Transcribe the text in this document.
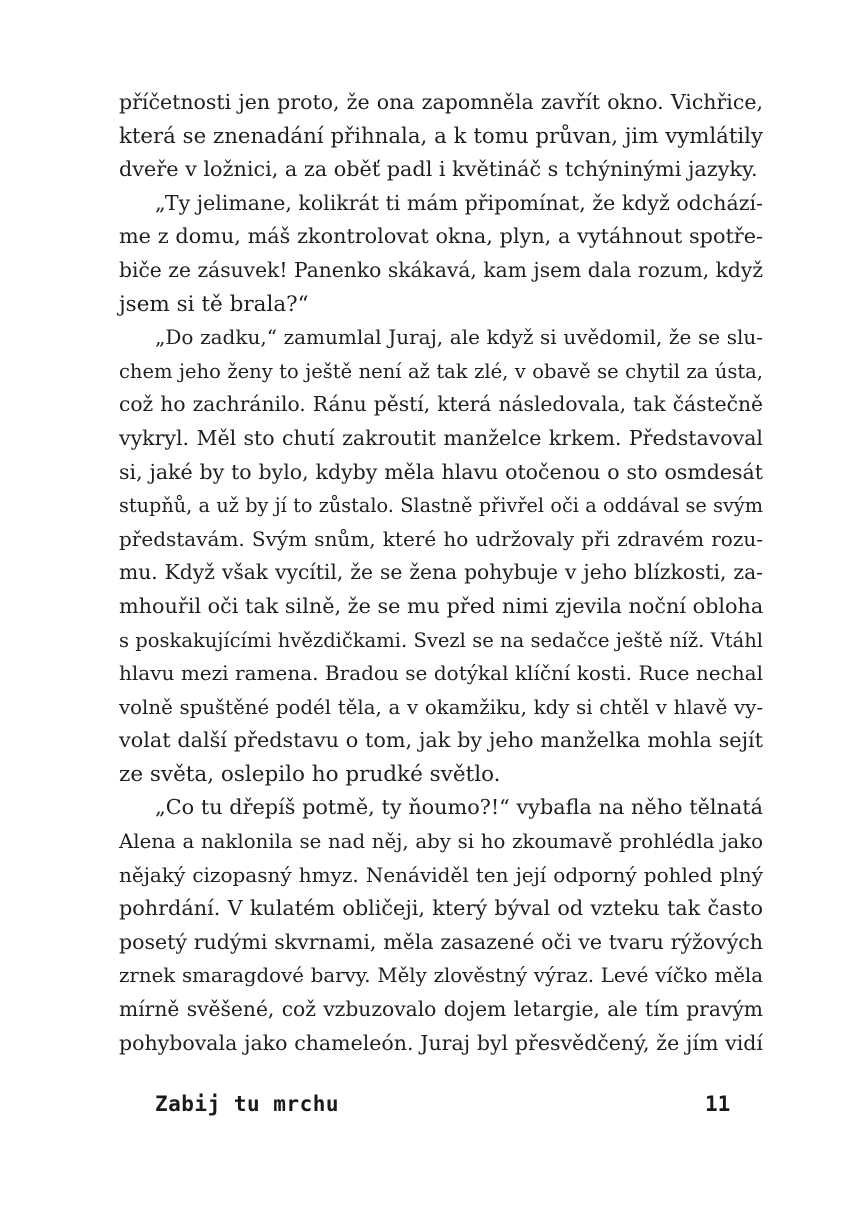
příčetnosti jen proto, že ona zapomněla zavřít okno. Vichřice,
která se znenadání přihnala, a k tomu průvan, jim vymlátily
dveře v ložnici, a za oběť padl i květináč s tchýninými jazyky.
„Ty jelimane, kolikrát ti mám připomínat, že když odchází-
me z domu, máš zkontrolovat okna, plyn, a vytáhnout spotře-
biče ze zásuvek! Panenko skákavá, kam jsem dala rozum, když
jsem si tě brala?“
„Do zadku,“ zamumlal Juraj, ale když si uvědomil, že se slu-
chem jeho ženy to ještě není až tak zlé, v obavě se chytil za ústa,
což ho zachránilo. Ránu pěstí, která následovala, tak částečně
vykryl. Měl sto chutí zakroutit manželce krkem. Představoval
si, jaké by to bylo, kdyby měla hlavu otočenou o sto osmdesát
stupňů, a už by jí to zůstalo. Slastně přivřel oči a oddával se svým
představám. Svým snům, které ho udržovaly při zdravém rozu-
mu. Když však vycítil, že se žena pohybuje v jeho blízkosti, za-
mhouřil oči tak silně, že se mu před nimi zjevila noční obloha
s poskakujícími hvězdičkami. Svezl se na sedačce ještě níž. Vtáhl
hlavu mezi ramena. Bradou se dotýkal klíční kosti. Ruce nechal
volně spuštěné podél těla, a v okamžiku, kdy si chtěl v hlavě vy-
volat další představu o tom, jak by jeho manželka mohla sejít
ze světa, oslepilo ho prudké světlo.
„Co tu dřepíš potmě, ty ňoumo?!“ vybafla na něho tělnatá
Alena a naklonila se nad něj, aby si ho zkoumavě prohlédla jako
nějaký cizopasný hmyz. Nenáviděl ten její odporný pohled plný
pohrdání. V kulatém obličeji, který býval od vzteku tak často
posetý rudými skvrnami, měla zasazené oči ve tvaru rýžových
zrnek smaragdové barvy. Měly zlověstný výraz. Levé víčko měla
mírně svěšené, což vzbuzovalo dojem letargie, ale tím pravým
pohybovala jako chameleón. Juraj byl přesvědčený, že jím vidí
Zabij tu mrchu	11
